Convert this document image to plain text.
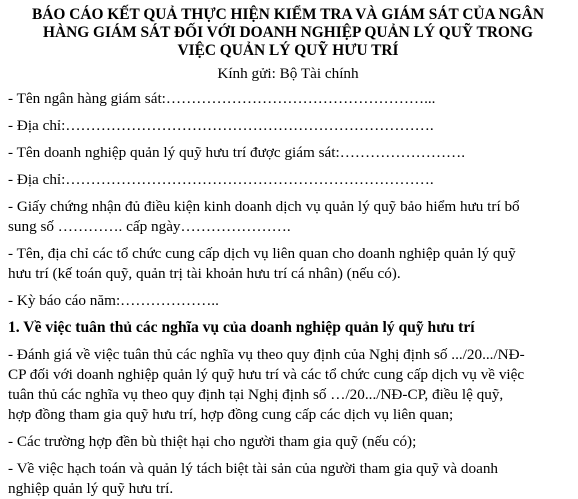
BÁO CÁO KẾT QUẢ THỰC HIỆN KIỂM TRA VÀ GIÁM SÁT CỦA NGÂN
HÀNG GIÁM SÁT ĐỐI VỚI DOANH NGHIỆP QUẢN LÝ QUỸ TRONG
VIỆC QUẢN LÝ QUỸ HƯU TRÍ
Kính gửi: Bộ Tài chính
- Tên ngân hàng giám sát:……………………………………………...
- Địa chỉ:……………………………………………………………….
- Tên doanh nghiệp quản lý quỹ hưu trí được giám sát:…………………….
- Địa chỉ:……………………………………………………………….
- Giấy chứng nhận đủ điều kiện kinh doanh dịch vụ quản lý quỹ bảo hiểm hưu trí bổ
sung số …………. cấp ngày………………….
- Tên, địa chỉ các tổ chức cung cấp dịch vụ liên quan cho doanh nghiệp quản lý quỹ
hưu trí (kế toán quỹ, quản trị tài khoản hưu trí cá nhân) (nếu có).
- Kỳ báo cáo năm:………………..
1. Về việc tuân thủ các nghĩa vụ của doanh nghiệp quản lý quỹ hưu trí
- Đánh giá về việc tuân thủ các nghĩa vụ theo quy định của Nghị định số .../20.../NĐ-
CP đối với doanh nghiệp quản lý quỹ hưu trí và các tổ chức cung cấp dịch vụ về việc
tuân thủ các nghĩa vụ theo quy định tại Nghị định số …/20.../NĐ-CP, điều lệ quỹ,
hợp đồng tham gia quỹ hưu trí, hợp đồng cung cấp các dịch vụ liên quan;
- Các trường hợp đền bù thiệt hại cho người tham gia quỹ (nếu có);
- Về việc hạch toán và quản lý tách biệt tài sản của người tham gia quỹ và doanh
nghiệp quản lý quỹ hưu trí.
